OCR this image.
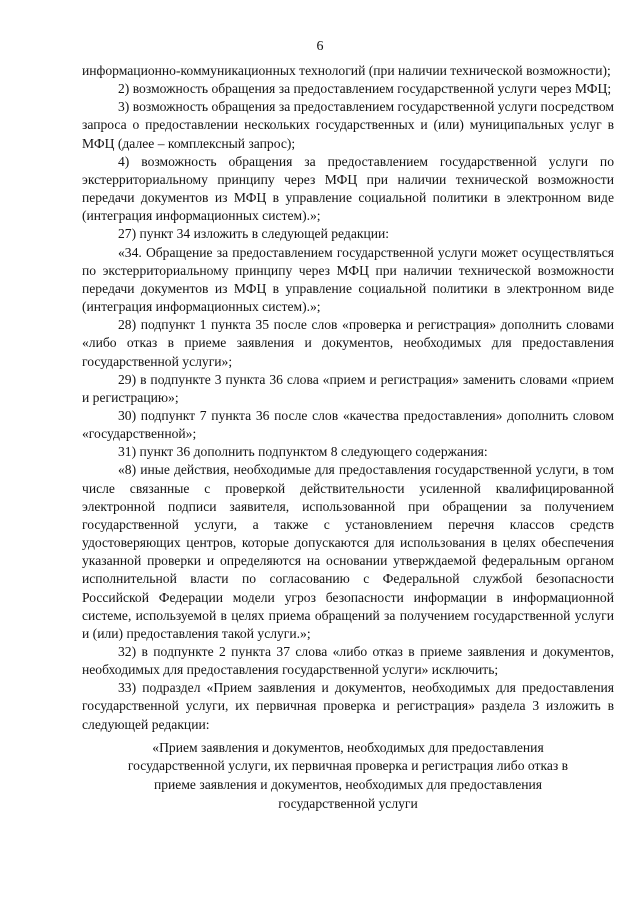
6

информационно-коммуникационных технологий (при наличии технической возможности);

2) возможность обращения за предоставлением государственной услуги через МФЦ;

3) возможность обращения за предоставлением государственной услуги посредством запроса о предоставлении нескольких государственных и (или) муниципальных услуг в МФЦ (далее – комплексный запрос);

4) возможность обращения за предоставлением государственной услуги по экстерриториальному принципу через МФЦ при наличии технической возможности передачи документов из МФЦ в управление социальной политики в электронном виде (интеграция информационных систем).»;

27) пункт 34 изложить в следующей редакции:

«34. Обращение за предоставлением государственной услуги может осуществляться по экстерриториальному принципу через МФЦ при наличии технической возможности передачи документов из МФЦ в управление социальной политики в электронном виде (интеграция информационных систем).»;

28) подпункт 1 пункта 35 после слов «проверка и регистрация» дополнить словами «либо отказ в приеме заявления и документов, необходимых для предоставления государственной услуги»;

29) в подпункте 3 пункта 36 слова «прием и регистрация» заменить словами «прием и регистрацию»;

30) подпункт 7 пункта 36 после слов «качества предоставления» дополнить словом «государственной»;

31) пункт 36 дополнить подпунктом 8 следующего содержания:

«8) иные действия, необходимые для предоставления государственной услуги, в том числе связанные с проверкой действительности усиленной квалифицированной электронной подписи заявителя, использованной при обращении за получением государственной услуги, а также с установлением перечня классов средств удостоверяющих центров, которые допускаются для использования в целях обеспечения указанной проверки и определяются на основании утверждаемой федеральным органом исполнительной власти по согласованию с Федеральной службой безопасности Российской Федерации модели угроз безопасности информации в информационной системе, используемой в целях приема обращений за получением государственной услуги и (или) предоставления такой услуги.»;

32) в подпункте 2 пункта 37 слова «либо отказ в приеме заявления и документов, необходимых для предоставления государственной услуги» исключить;

33) подраздел «Прием заявления и документов, необходимых для предоставления государственной услуги, их первичная проверка и регистрация» раздела 3 изложить в следующей редакции:

«Прием заявления и документов, необходимых для предоставления государственной услуги, их первичная проверка и регистрация либо отказ в приеме заявления и документов, необходимых для предоставления государственной услуги
